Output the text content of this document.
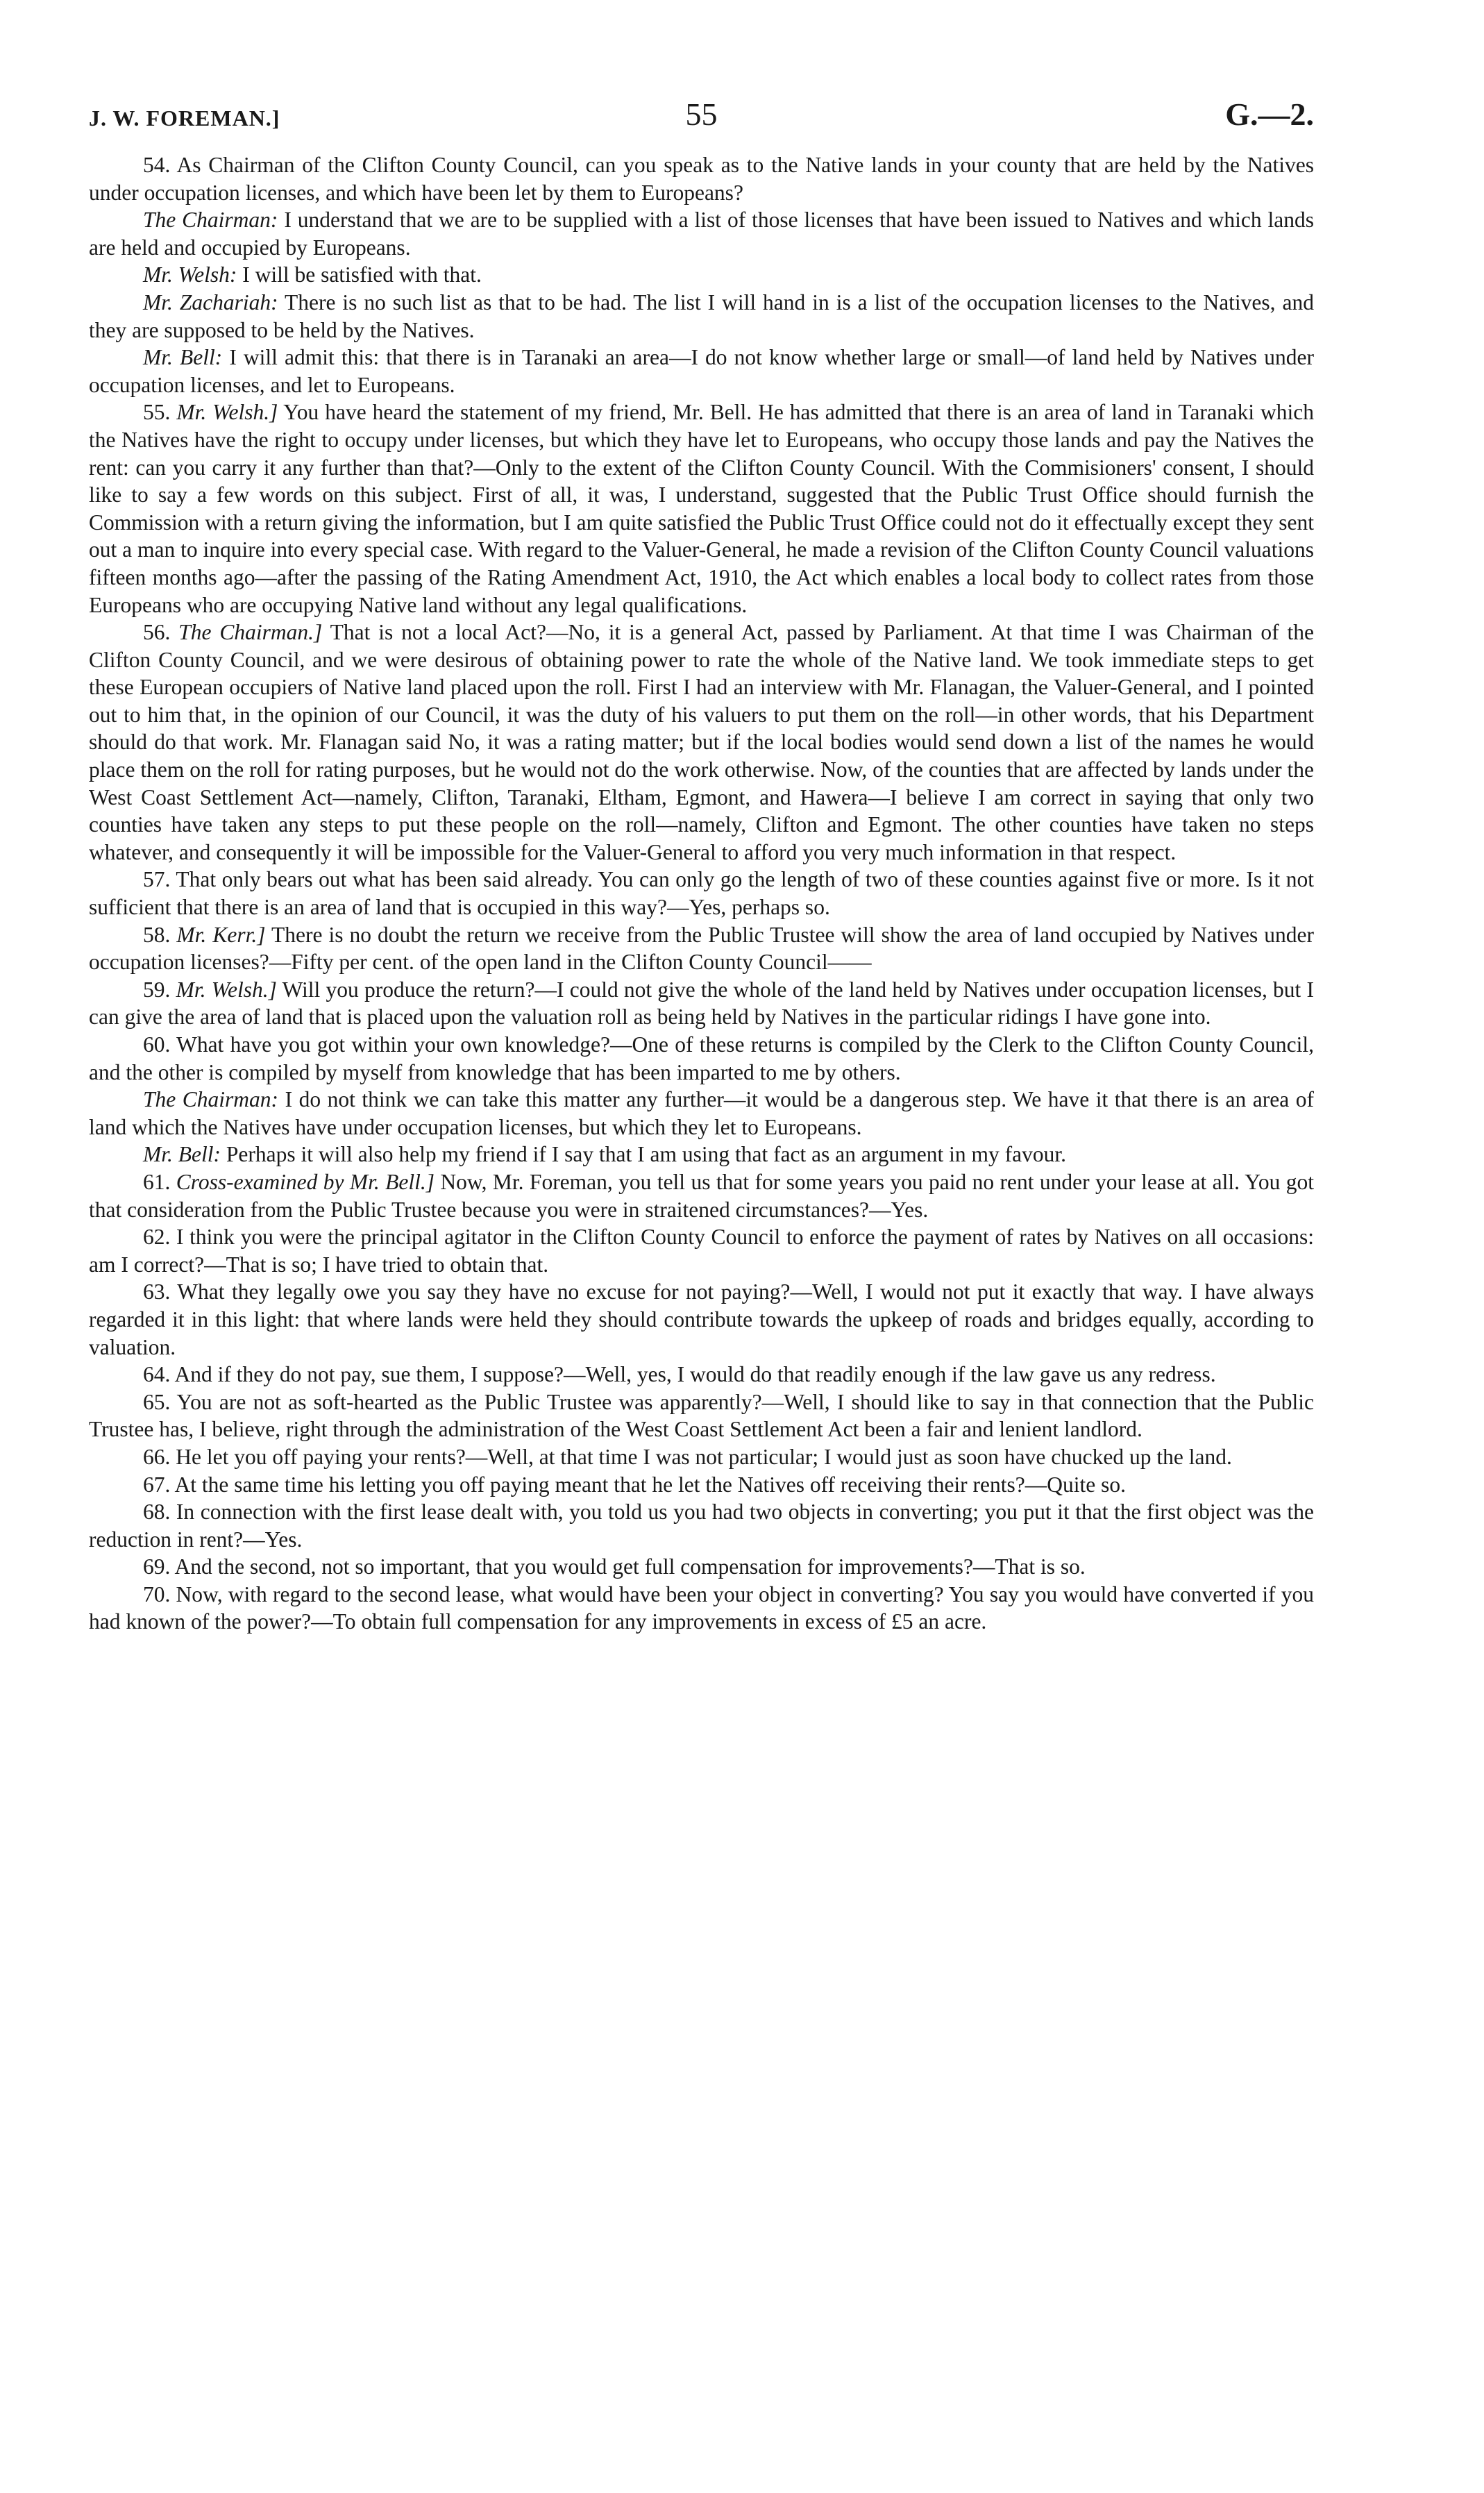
J. W. FOREMAN.]	55	G.—2.

54. As Chairman of the Clifton County Council, can you speak as to the Native lands in your county that are held by the Natives under occupation licenses, and which have been let by them to Europeans?

The Chairman: I understand that we are to be supplied with a list of those licenses that have been issued to Natives and which lands are held and occupied by Europeans.

Mr. Welsh: I will be satisfied with that.

Mr. Zachariah: There is no such list as that to be had. The list I will hand in is a list of the occupation licenses to the Natives, and they are supposed to be held by the Natives.

Mr. Bell: I will admit this: that there is in Taranaki an area—I do not know whether large or small—of land held by Natives under occupation licenses, and let to Europeans.

55. Mr. Welsh.] You have heard the statement of my friend, Mr. Bell. He has admitted that there is an area of land in Taranaki which the Natives have the right to occupy under licenses, but which they have let to Europeans, who occupy those lands and pay the Natives the rent: can you carry it any further than that?—Only to the extent of the Clifton County Council. With the Commisioners' consent, I should like to say a few words on this subject. First of all, it was, I understand, suggested that the Public Trust Office should furnish the Commission with a return giving the information, but I am quite satisfied the Public Trust Office could not do it effectually except they sent out a man to inquire into every special case. With regard to the Valuer-General, he made a revision of the Clifton County Council valuations fifteen months ago—after the passing of the Rating Amendment Act, 1910, the Act which enables a local body to collect rates from those Europeans who are occupying Native land without any legal qualifications.

56. The Chairman.] That is not a local Act?—No, it is a general Act, passed by Parliament. At that time I was Chairman of the Clifton County Council, and we were desirous of obtaining power to rate the whole of the Native land. We took immediate steps to get these European occupiers of Native land placed upon the roll. First I had an interview with Mr. Flanagan, the Valuer-General, and I pointed out to him that, in the opinion of our Council, it was the duty of his valuers to put them on the roll—in other words, that his Department should do that work. Mr. Flanagan said No, it was a rating matter; but if the local bodies would send down a list of the names he would place them on the roll for rating purposes, but he would not do the work otherwise. Now, of the counties that are affected by lands under the West Coast Settlement Act—namely, Clifton, Taranaki, Eltham, Egmont, and Hawera—I believe I am correct in saying that only two counties have taken any steps to put these people on the roll—namely, Clifton and Egmont. The other counties have taken no steps whatever, and consequently it will be impossible for the Valuer-General to afford you very much information in that respect.

57. That only bears out what has been said already. You can only go the length of two of these counties against five or more. Is it not sufficient that there is an area of land that is occupied in this way?—Yes, perhaps so.

58. Mr. Kerr.] There is no doubt the return we receive from the Public Trustee will show the area of land occupied by Natives under occupation licenses?—Fifty per cent. of the open land in the Clifton County Council——

59. Mr. Welsh.] Will you produce the return?—I could not give the whole of the land held by Natives under occupation licenses, but I can give the area of land that is placed upon the valuation roll as being held by Natives in the particular ridings I have gone into.

60. What have you got within your own knowledge?—One of these returns is compiled by the Clerk to the Clifton County Council, and the other is compiled by myself from knowledge that has been imparted to me by others.

The Chairman: I do not think we can take this matter any further—it would be a dangerous step. We have it that there is an area of land which the Natives have under occupation licenses, but which they let to Europeans.

Mr. Bell: Perhaps it will also help my friend if I say that I am using that fact as an argument in my favour.

61. Cross-examined by Mr. Bell.] Now, Mr. Foreman, you tell us that for some years you paid no rent under your lease at all. You got that consideration from the Public Trustee because you were in straitened circumstances?—Yes.

62. I think you were the principal agitator in the Clifton County Council to enforce the payment of rates by Natives on all occasions: am I correct?—That is so; I have tried to obtain that.

63. What they legally owe you say they have no excuse for not paying?—Well, I would not put it exactly that way. I have always regarded it in this light: that where lands were held they should contribute towards the upkeep of roads and bridges equally, according to valuation.

64. And if they do not pay, sue them, I suppose?—Well, yes, I would do that readily enough if the law gave us any redress.

65. You are not as soft-hearted as the Public Trustee was apparently?—Well, I should like to say in that connection that the Public Trustee has, I believe, right through the administration of the West Coast Settlement Act been a fair and lenient landlord.

66. He let you off paying your rents?—Well, at that time I was not particular; I would just as soon have chucked up the land.

67. At the same time his letting you off paying meant that he let the Natives off receiving their rents?—Quite so.

68. In connection with the first lease dealt with, you told us you had two objects in converting; you put it that the first object was the reduction in rent?—Yes.

69. And the second, not so important, that you would get full compensation for improvements?—That is so.

70. Now, with regard to the second lease, what would have been your object in converting? You say you would have converted if you had known of the power?—To obtain full compensation for any improvements in excess of £5 an acre.
